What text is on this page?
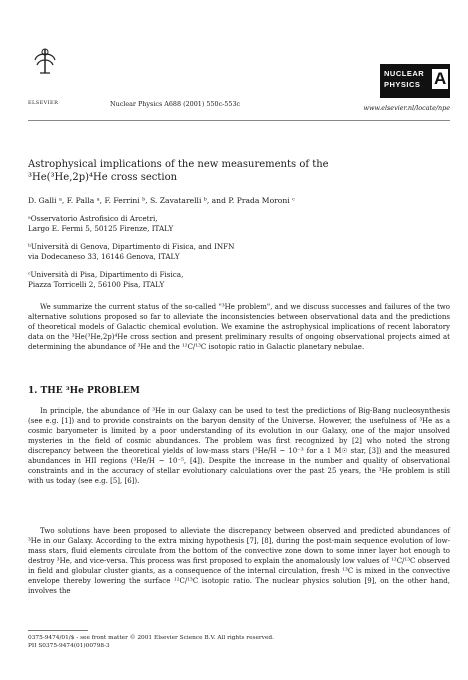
ELSEVIER	Nuclear Physics A688 (2001) 550c-553c
NUCLEAR
PHYSICS A
www.elsevier.nl/locate/npe
Astrophysical implications of the new measurements of the
³He(³He,2p)⁴He cross section
D. Galli ᵃ, F. Palla ᵃ, F. Ferrini ᵇ, S. Zavatarelli ᵇ, and P. Prada Moroni ᶜ
ᵃOsservatorio Astrofisico di Arcetri,
Largo E. Fermi 5, 50125 Firenze, ITALY
ᵇUniversità di Genova, Dipartimento di Fisica, and INFN
via Dodecaneso 33, 16146 Genova, ITALY
ᶜUniversità di Pisa, Dipartimento di Fisica,
Piazza Torricelli 2, 56100 Pisa, ITALY

We summarize the current status of the so-called "³He problem", and we discuss successes and failures of the two alternative solutions proposed so far to alleviate the inconsistencies between observational data and the predictions of theoretical models of Galactic chemical evolution. We examine the astrophysical implications of recent laboratory data on the ³He(³He,2p)⁴He cross section and present preliminary results of ongoing observational projects aimed at determining the abundance of ³He and the ¹²C/¹³C isotopic ratio in Galactic planetary nebulae.

1. THE ³He PROBLEM

In principle, the abundance of ³He in our Galaxy can be used to test the predictions of Big-Bang nucleosynthesis (see e.g. [1]) and to provide constraints on the baryon density of the Universe. However, the usefulness of ³He as a cosmic baryometer is limited by a poor understanding of its evolution in our Galaxy, one of the major unsolved mysteries in the field of cosmic abundances. The problem was first recognized by [2] who noted the strong discrepancy between the theoretical yields of low-mass stars (³He/H ~ 10⁻³ for a 1 M☉ star, [3]) and the measured abundances in HII regions (³He/H ~ 10⁻⁵, [4]). Despite the increase in the number and quality of observational constraints and in the accuracy of stellar evolutionary calculations over the past 25 years, the ³He problem is still with us today (see e.g. [5], [6]).

Two solutions have been proposed to alleviate the discrepancy between observed and predicted abundances of ³He in our Galaxy. According to the extra mixing hypothesis [7], [8], during the post-main sequence evolution of low-mass stars, fluid elements circulate from the bottom of the convective zone down to some inner layer hot enough to destroy ³He, and vice-versa. This process was first proposed to explain the anomalously low values of ¹²C/¹³C observed in field and globular cluster giants, as a consequence of the internal circulation, fresh ¹³C is mixed in the convective envelope thereby lowering the surface ¹²C/¹³C isotopic ratio. The nuclear physics solution [9], on the other hand, involves the

0375-9474/01/$ - see front matter © 2001 Elsevier Science B.V. All rights reserved.
PII S0375-9474(01)00798-3
